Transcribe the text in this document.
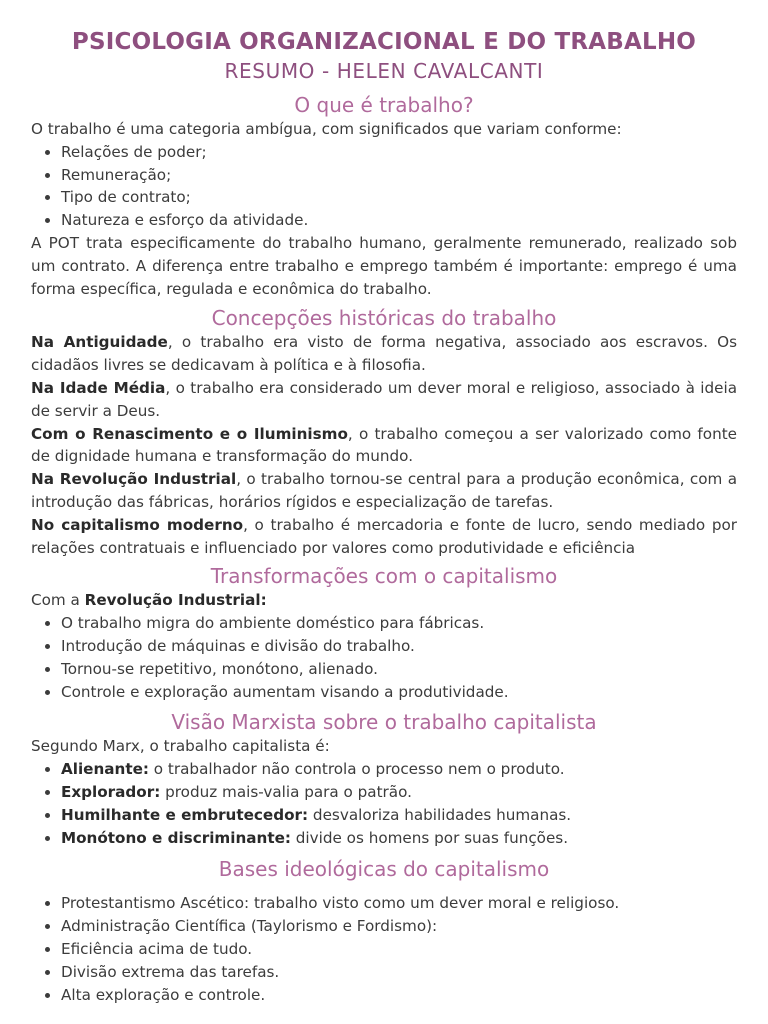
PSICOLOGIA ORGANIZACIONAL E DO TRABALHO
RESUMO - HELEN CAVALCANTI
O que é trabalho?

O trabalho é uma categoria ambígua, com significados que variam conforme:

• Relações de poder;
• Remuneração;
• Tipo de contrato;
• Natureza e esforço da atividade.

A POT trata especificamente do trabalho humano, geralmente remunerado, realizado sob um contrato. A diferença entre trabalho e emprego também é importante: emprego é uma forma específica, regulada e econômica do trabalho.

Concepções históricas do trabalho

Na Antiguidade, o trabalho era visto de forma negativa, associado aos escravos. Os cidadãos livres se dedicavam à política e à filosofia.

Na Idade Média, o trabalho era considerado um dever moral e religioso, associado à ideia de servir a Deus.

Com o Renascimento e o Iluminismo, o trabalho começou a ser valorizado como fonte de dignidade humana e transformação do mundo.

Na Revolução Industrial, o trabalho tornou-se central para a produção econômica, com a introdução das fábricas, horários rígidos e especialização de tarefas.

No capitalismo moderno, o trabalho é mercadoria e fonte de lucro, sendo mediado por relações contratuais e influenciado por valores como produtividade e eficiência

Transformações com o capitalismo

Com a Revolução Industrial:

• O trabalho migra do ambiente doméstico para fábricas.
• Introdução de máquinas e divisão do trabalho.
• Tornou-se repetitivo, monótono, alienado.
• Controle e exploração aumentam visando a produtividade.
Visão Marxista sobre o trabalho capitalista

Segundo Marx, o trabalho capitalista é:

• Alienante: o trabalhador não controla o processo nem o produto.
• Explorador: produz mais-valia para o patrão.
• Humilhante e embrutecedor: desvaloriza habilidades humanas.
• Monótono e discriminante: divide os homens por suas funções.
Bases ideológicas do capitalismo
• Protestantismo Ascético: trabalho visto como um dever moral e religioso.
• Administração Científica (Taylorismo e Fordismo):
• Eficiência acima de tudo.
• Divisão extrema das tarefas.
• Alta exploração e controle.
